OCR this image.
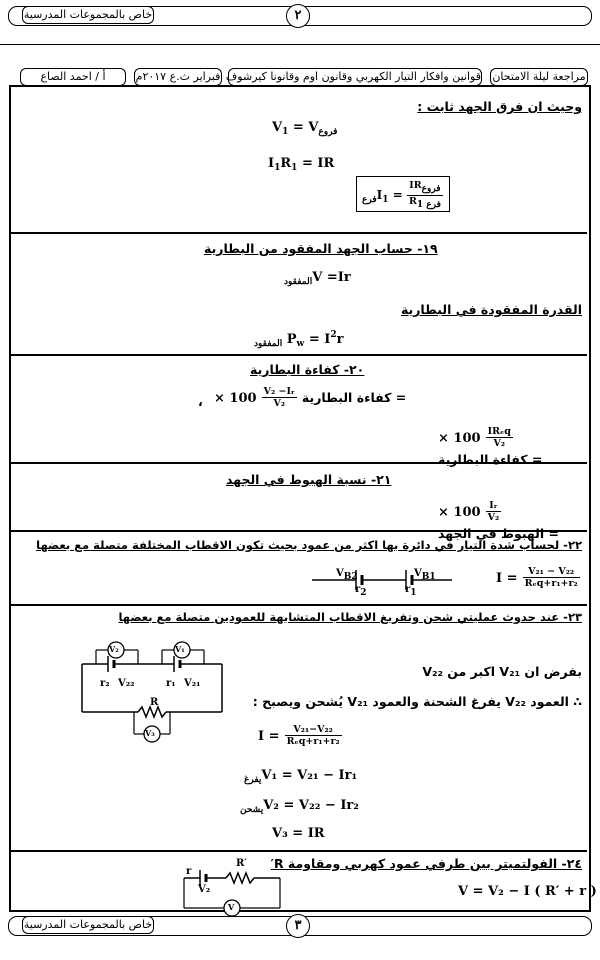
خاص بالمجموعات المدرسية	٢
مراجعة ليلة الامتحان
قوانين وافكار التيار الكهربي وقانون اوم وقانونا كيرشوف
فبراير ث.ع ٢٠١٧م
أ / احمد الصاع
وحيث ان فرق الجهد ثابت :
$V_1 = V_{فروع}$
$I_1R_1$ = IR
$_{فرع}I_1 = \frac{\text{IRفروع}}{\text{Rفرع 1}}$
١٩- حساب الجهد المفقود من البطارية
$_{المفقود}$V =Ir
القدرة المفقودة في البطارية
$_{المفقود}$ $P_w = I^2r$
٢٠- كفاءة البطارية
، × $100 \frac{\text{V₂ −Iᵣ}}{\text{V₂}}$ كفاءة البطارية =
× $100 \frac{\text{IRₑq}}{\text{V₂}}$
كفاءة البطارية =
٢١- نسبة الهبوط في الجهد
× $100 \frac{\text{Iᵣ}}{\text{V₂}}$
الهبوط في الجهد =
٢٢- لحساب شدة التيار في دائرة بها اكثر من عمود بحيث تكون الاقطاب المختلفة متصلة مع بعضها
VB2	VB1
r2	r1
$I = \frac{\text{V₂₁ − V₂₂}}{\text{Rₑq+r₁+r₂}}$
٢٣- عند حدوث عمليتي شحن وتفريغ الاقطاب المتشابهة للعمودين متصلة مع بعضها
V₂	V₁
V₃
r₂ V₂₂	r₁ V₂₁
R
بفرض ان V₂₁ اكبر من V₂₂
∴ العمود V₂₂ يفرغ الشحنة والعمود V₂₁ يُشحن ويصبح :
$I = \frac{\text{V₂₁−V₂₂}}{\text{Rₑq+r₁+r₂}}$
$_{يفرغ}$V₁ = V₂₁ − Ir₁
$_{يشحن}$V₂ = V₂₂ − Ir₂
V₃ = IR
٢٤- الفولتميتر بين طرفي عمود كهربي ومقاومة R′
r
R′
V₂
V
V = V₂ − I ( R′ + r )
خاص بالمجموعات المدرسية	٣
